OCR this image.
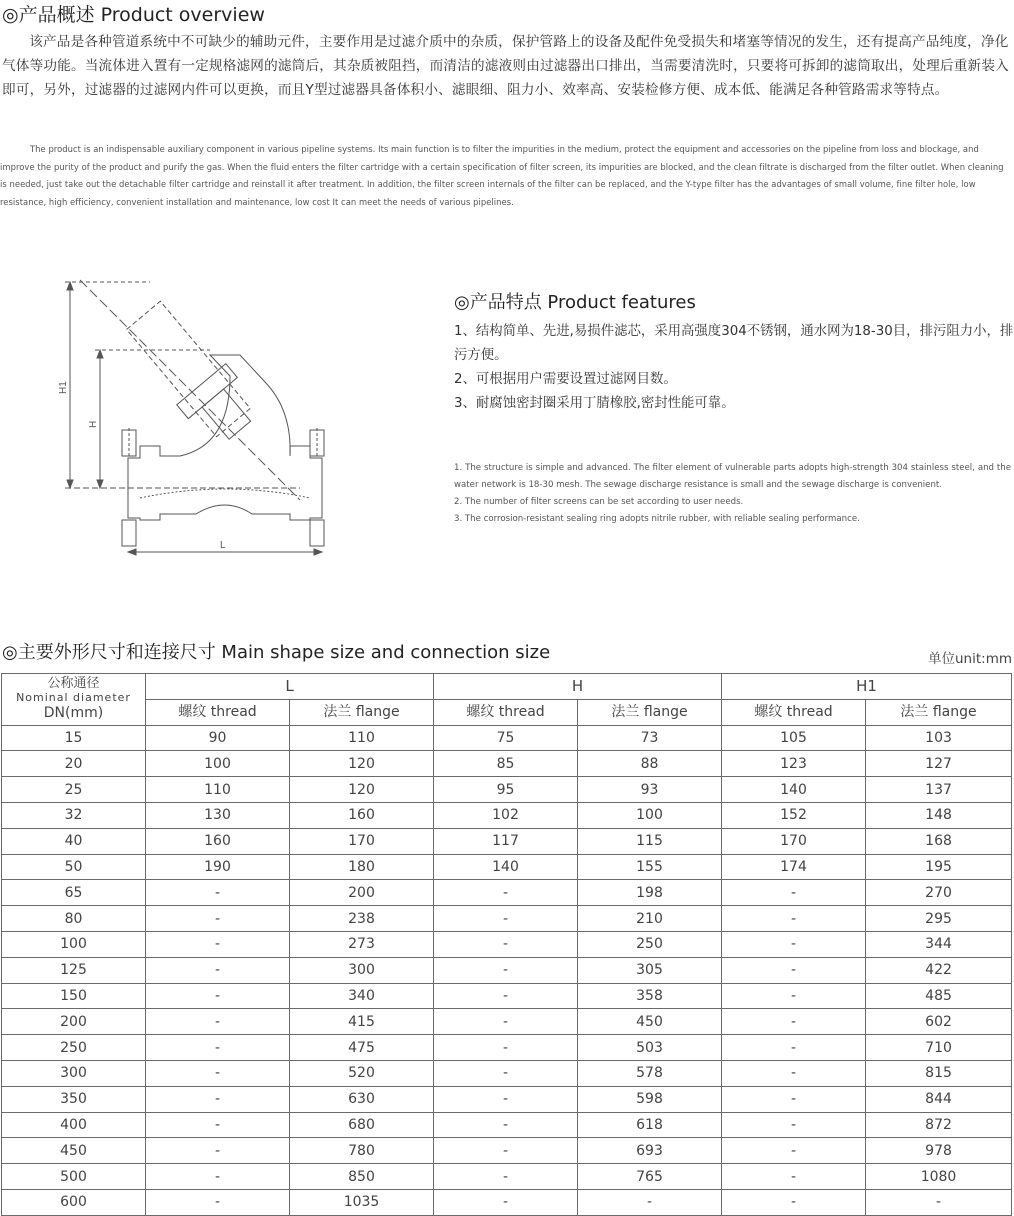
◎产品概述 Product overview
该产品是各种管道系统中不可缺少的辅助元件，主要作用是过滤介质中的杂质，保护管路上的设备及配件免受损失和堵塞等情况的发生，还有提高产品纯度，净化气体等功能。当流体进入置有一定规格滤网的滤筒后，其杂质被阻挡，而清洁的滤液则由过滤器出口排出，当需要清洗时，只要将可拆卸的滤筒取出，处理后重新装入即可，另外，过滤器的过滤网内件可以更换，而且Y型过滤器具备体积小、滤眼细、阻力小、效率高、安装检修方便、成本低、能满足各种管路需求等特点。
The product is an indispensable auxiliary component in various pipeline systems. Its main function is to filter the impurities in the medium, protect the equipment and accessories on the pipeline from loss and blockage, and improve the purity of the product and purify the gas. When the fluid enters the filter cartridge with a certain specification of filter screen, its impurities are blocked, and the clean filtrate is discharged from the filter outlet. When cleaning is needed, just take out the detachable filter cartridge and reinstall it after treatment. In addition, the filter screen internals of the filter can be replaced, and the Y-type filter has the advantages of small volume, fine filter hole, low resistance, high efficiency, convenient installation and maintenance, low cost It can meet the needs of various pipelines.
H1
H
L
◎产品特点 Product features
1、结构简单、先进,易损件滤芯，采用高强度304不锈钢，通水网为18-30目，排污阻力小，排污方便。
2、可根据用户需要设置过滤网目数。
3、耐腐蚀密封圈采用丁腈橡胶,密封性能可靠。
1. The structure is simple and advanced. The filter element of vulnerable parts adopts high-strength 304 stainless steel, and the water network is 18-30 mesh. The sewage discharge resistance is small and the sewage discharge is convenient.
2. The number of filter screens can be set according to user needs.
3. The corrosion-resistant sealing ring adopts nitrile rubber, with reliable sealing performance.
◎主要外形尺寸和连接尺寸 Main shape size and connection size	单位unit:mm
公称通径
Nominal diameter
DN(mm)	L		H		H1	
	螺纹 thread	法兰 flange	螺纹 thread	法兰 flange	螺纹 thread	法兰 flange
15	90	110	75	73	105	103
20	100	120	85	88	123	127
25	110	120	95	93	140	137
32	130	160	102	100	152	148
40	160	170	117	115	170	168
50	190	180	140	155	174	195
65	-	200	-	198	-	270
80	-	238	-	210	-	295
100	-	273	-	250	-	344
125	-	300	-	305	-	422
150	-	340	-	358	-	485
200	-	415	-	450	-	602
250	-	475	-	503	-	710
300	-	520	-	578	-	815
350	-	630	-	598	-	844
400	-	680	-	618	-	872
450	-	780	-	693	-	978
500	-	850	-	765	-	1080
600	-	1035	-	-	-	-
